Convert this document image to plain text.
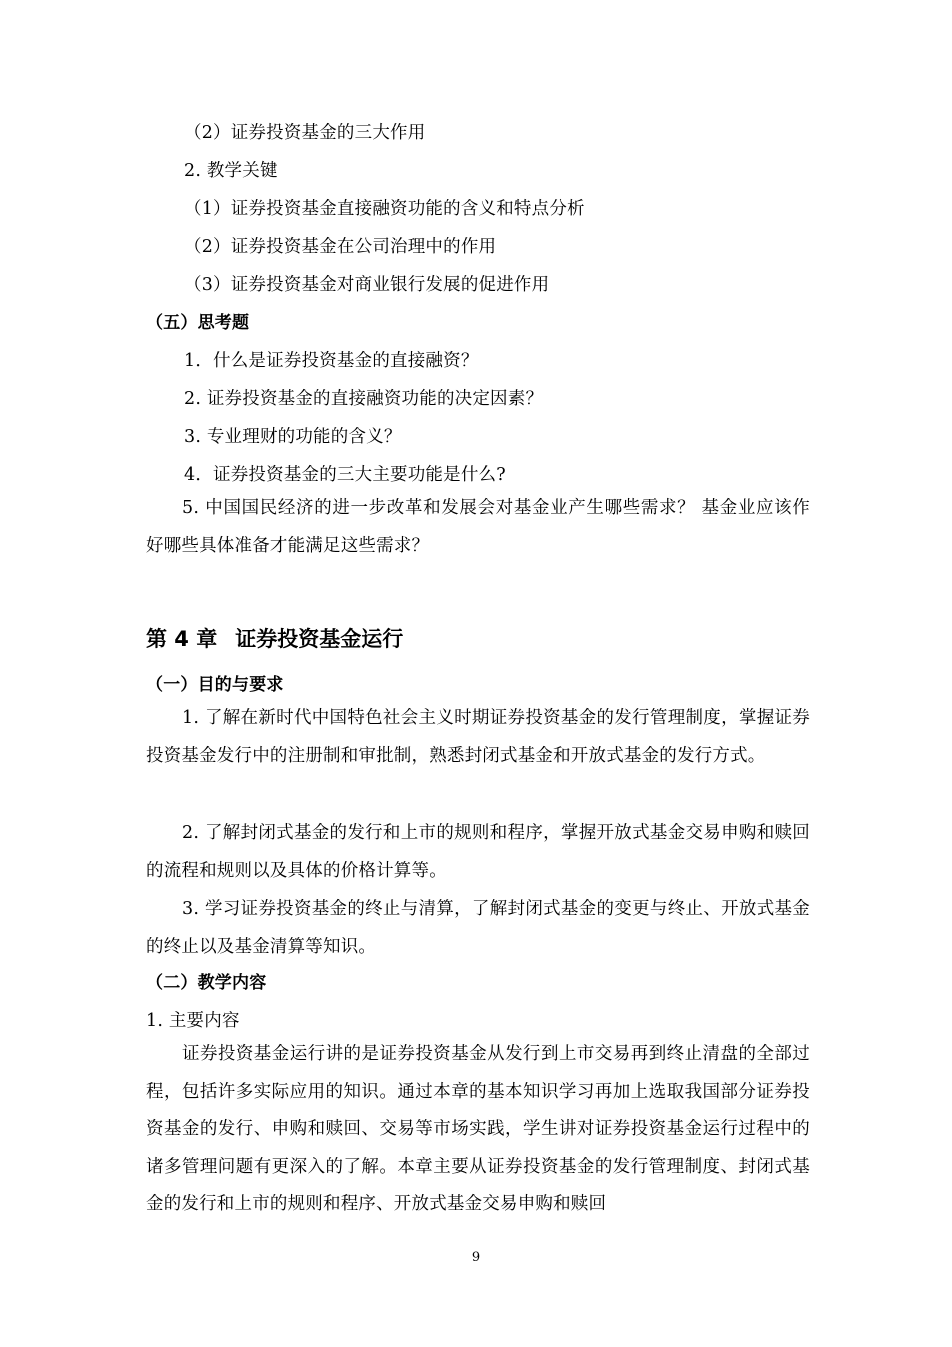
（2）证券投资基金的三大作用
2. 教学关键
（1）证券投资基金直接融资功能的含义和特点分析
（2）证券投资基金在公司治理中的作用
（3）证券投资基金对商业银行发展的促进作用
（五）思考题
1．什么是证券投资基金的直接融资？
2. 证券投资基金的直接融资功能的决定因素？
3. 专业理财的功能的含义？
4．证券投资基金的三大主要功能是什么?
5. 中国国民经济的进一步改革和发展会对基金业产生哪些需求？ 基金业应该作好哪些具体准备才能满足这些需求？
第 4 章 证券投资基金运行
（一）目的与要求
1. 了解在新时代中国特色社会主义时期证券投资基金的发行管理制度，掌握证券投资基金发行中的注册制和审批制，熟悉封闭式基金和开放式基金的发行方式。
2. 了解封闭式基金的发行和上市的规则和程序，掌握开放式基金交易申购和赎回的流程和规则以及具体的价格计算等。
3. 学习证券投资基金的终止与清算，了解封闭式基金的变更与终止、开放式基金的终止以及基金清算等知识。
（二）教学内容
1. 主要内容
证券投资基金运行讲的是证券投资基金从发行到上市交易再到终止清盘的全部过程，包括许多实际应用的知识。通过本章的基本知识学习再加上选取我国部分证券投资基金的发行、申购和赎回、交易等市场实践，学生讲对证券投资基金运行过程中的诸多管理问题有更深入的了解。本章主要从证券投资基金的发行管理制度、封闭式基金的发行和上市的规则和程序、开放式基金交易申购和赎回
9
